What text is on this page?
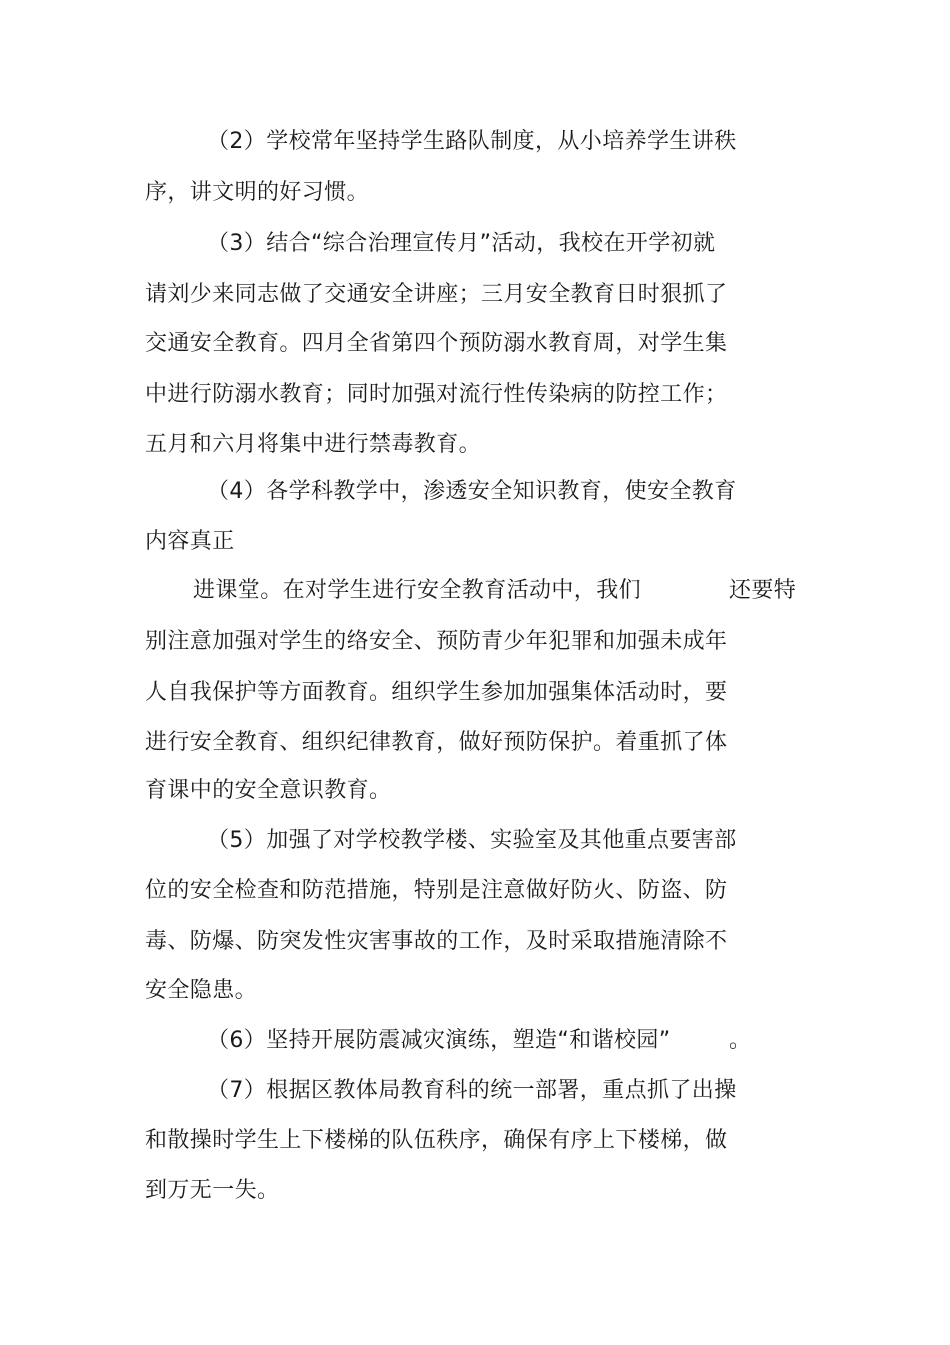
（2）学校常年坚持学生路队制度，从小培养学生讲秩
序，讲文明的好习惯。
（3）结合“综合治理宣传月”活动，我校在开学初就
请刘少来同志做了交通安全讲座；三月安全教育日时狠抓了
交通安全教育。四月全省第四个预防溺水教育周，对学生集
中进行防溺水教育；同时加强对流行性传染病的防控工作；
五月和六月将集中进行禁毒教育。
（4）各学科教学中，渗透安全知识教育，使安全教育
内容真正
进课堂。在对学生进行安全教育活动中，我们	还要特
别注意加强对学生的络安全、预防青少年犯罪和加强未成年
人自我保护等方面教育。组织学生参加加强集体活动时，要
进行安全教育、组织纪律教育，做好预防保护。着重抓了体
育课中的安全意识教育。
（5）加强了对学校教学楼、实验室及其他重点要害部
位的安全检查和防范措施，特别是注意做好防火、防盗、防
毒、防爆、防突发性灾害事故的工作，及时采取措施清除不
安全隐患。
（6）坚持开展防震减灾演练，塑造“和谐校园”	。
（7）根据区教体局教育科的统一部署，重点抓了出操
和散操时学生上下楼梯的队伍秩序，确保有序上下楼梯，做
到万无一失。
